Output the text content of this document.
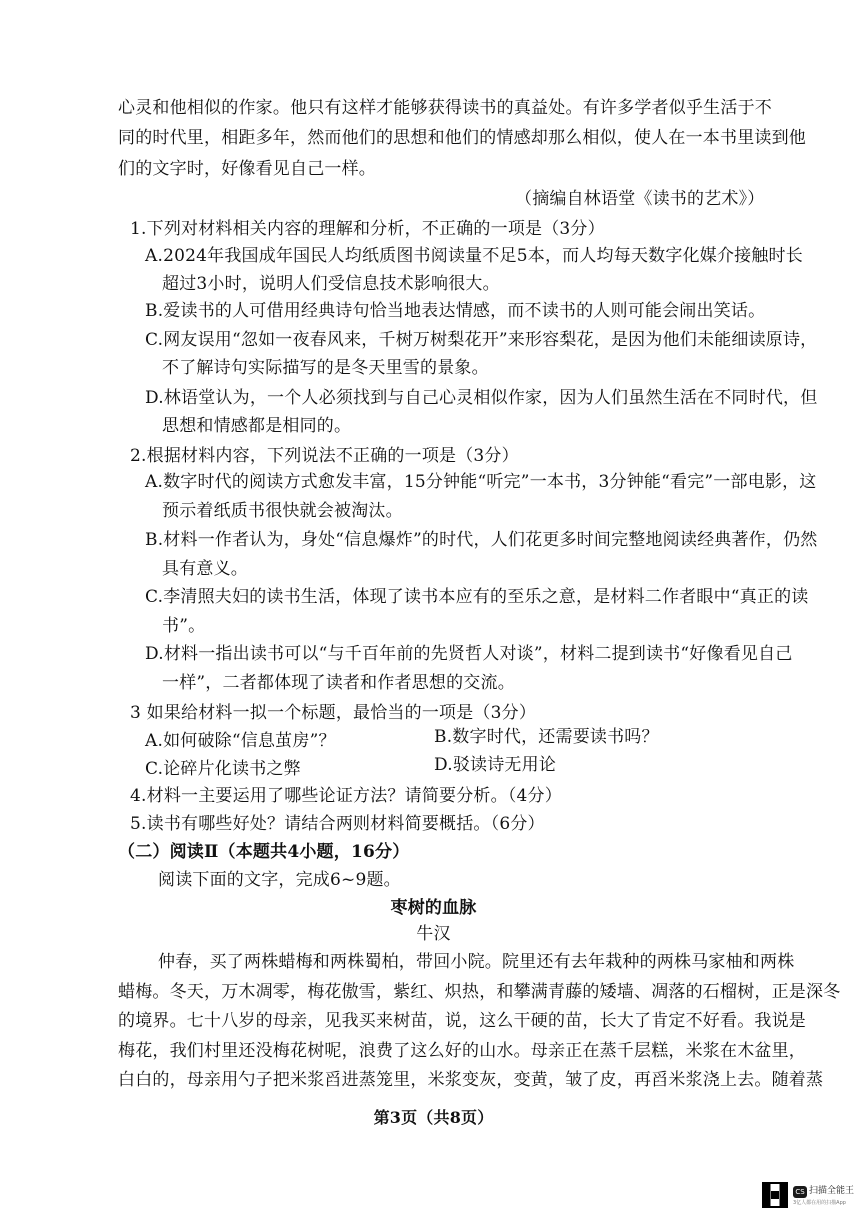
心灵和他相似的作家。他只有这样才能够获得读书的真益处。有许多学者似乎生活于不
同的时代里，相距多年，然而他们的思想和他们的情感却那么相似，使人在一本书里读到他
们的文字时，好像看见自己一样。
（摘编自林语堂《读书的艺术》）
1.下列对材料相关内容的理解和分析，不正确的一项是（3分）
A.2024年我国成年国民人均纸质图书阅读量不足5本，而人均每天数字化媒介接触时长
超过3小时，说明人们受信息技术影响很大。
B.爱读书的人可借用经典诗句恰当地表达情感，而不读书的人则可能会闹出笑话。
C.网友误用“忽如一夜春风来，千树万树梨花开”来形容梨花，是因为他们未能细读原诗，
不了解诗句实际描写的是冬天里雪的景象。
D.林语堂认为，一个人必须找到与自己心灵相似作家，因为人们虽然生活在不同时代，但
思想和情感都是相同的。
2.根据材料内容，下列说法不正确的一项是（3分）
A.数字时代的阅读方式愈发丰富，15分钟能“听完”一本书，3分钟能“看完”一部电影，这
预示着纸质书很快就会被淘汰。
B.材料一作者认为，身处“信息爆炸”的时代，人们花更多时间完整地阅读经典著作，仍然
具有意义。
C.李清照夫妇的读书生活，体现了读书本应有的至乐之意，是材料二作者眼中“真正的读
书”。
D.材料一指出读书可以“与千百年前的先贤哲人对谈”，材料二提到读书“好像看见自己
一样”，二者都体现了读者和作者思想的交流。
3 如果给材料一拟一个标题，最恰当的一项是（3分）
A.如何破除“信息茧房”？	B.数字时代，还需要读书吗？
C.论碎片化读书之弊	D.驳读诗无用论
4.材料一主要运用了哪些论证方法？请简要分析。（4分）
5.读书有哪些好处？请结合两则材料简要概括。（6分）
（二）阅读Ⅱ（本题共4小题，16分）
阅读下面的文字，完成6~9题。
枣树的血脉
牛汉
仲春，买了两株蜡梅和两株蜀柏，带回小院。院里还有去年栽种的两株马家柚和两株
蜡梅。冬天，万木凋零，梅花傲雪，紫红、炽热，和攀满青藤的矮墙、凋落的石榴树，正是深冬
的境界。七十八岁的母亲，见我买来树苗，说，这么干硬的苗，长大了肯定不好看。我说是
梅花，我们村里还没梅花树呢，浪费了这么好的山水。母亲正在蒸千层糕，米浆在木盆里，
白白的，母亲用勺子把米浆舀进蒸笼里，米浆变灰，变黄，皱了皮，再舀米浆浇上去。随着蒸
第3页（共8页）
CS 扫描全能王
3亿人都在用的扫描App
